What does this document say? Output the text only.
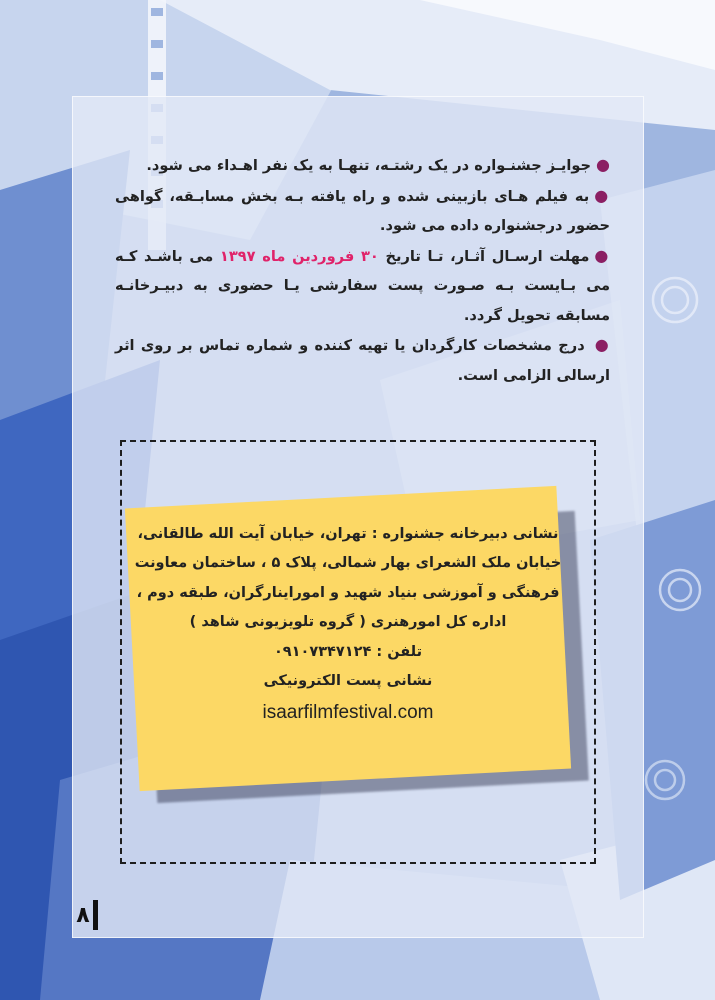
●جوایـز جشنـواره در یک رشتـه، تنهـا به یک نفر اهـداء می شود.

●به فیلم هـای بازبینی شده و راه یافته بـه بخش مسابـقه، گواهی حضور درجشنواره داده می شود.

●مهلت ارسـال آثـار، تـا تاریخ ۳۰ فروردین ماه ۱۳۹۷ می باشـد کـه می بـایست بـه صـورت پست سفارشی یـا حضوری به دبیـرخانـه مسابقه تحویل گردد.

● درج مشخصات کارگردان یا تهیه کننده و شماره تماس بر روی اثر ارسالی الزامی است.

نشانی دبیرخانه جشنواره : تهران، خیابان آیت الله طالقانی،
خیابان ملک الشعرای بهار شمالی، پلاک ۵ ، ساختمان معاونت
فرهنگی و آموزشی بنیاد شهید و اموراینارگران، طبقه دوم ،
اداره کل امورهنری ( گروه تلویزیونی شاهد )
تلفن : ۰۹۱۰۷۳۴۷۱۲۴
نشانی پست الکترونیکی
isaarfilmfestival.com
۸
